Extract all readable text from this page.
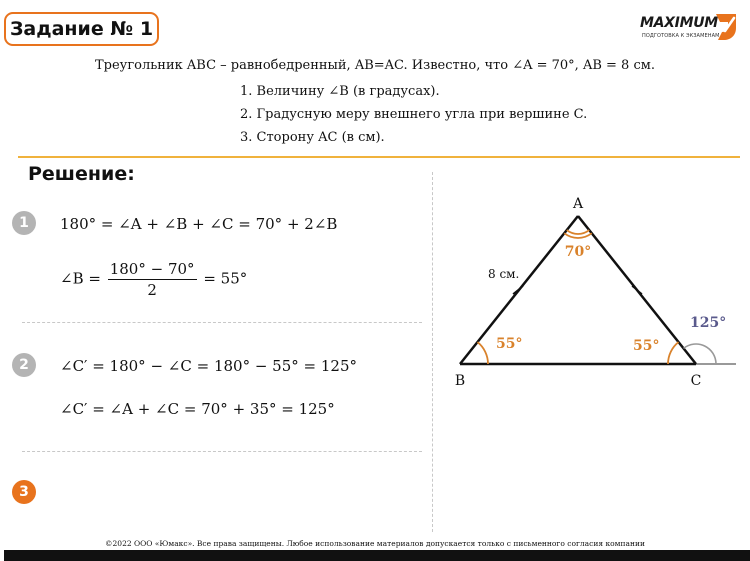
Задание № 1	MAXIMUM
ПОДГОТОВКА К ЭКЗАМЕНАМ
Треугольник ABC – равнобедренный, AB=AC. Известно, что ∠A = 70°, AB = 8 см.
1. Величину ∠B (в градусах).
2. Градусную меру внешнего угла при вершине C.
3. Сторону AC (в см).
Решение:
1	180° = ∠A + ∠B + ∠C = 70° + 2∠B
∠B = $\frac{180^\circ - 70^\circ}{2} = 55^\circ$
2	∠C′ = 180° − ∠C = 180° − 55° = 125°
∠C′ = ∠A + ∠C = 70° + 35° = 125°
3
A
B	C
8 см.
70°
55°	55°
125°
©2022 ООО «Юмакс». Все права защищены. Любое использование материалов допускается только с письменного согласия компании
